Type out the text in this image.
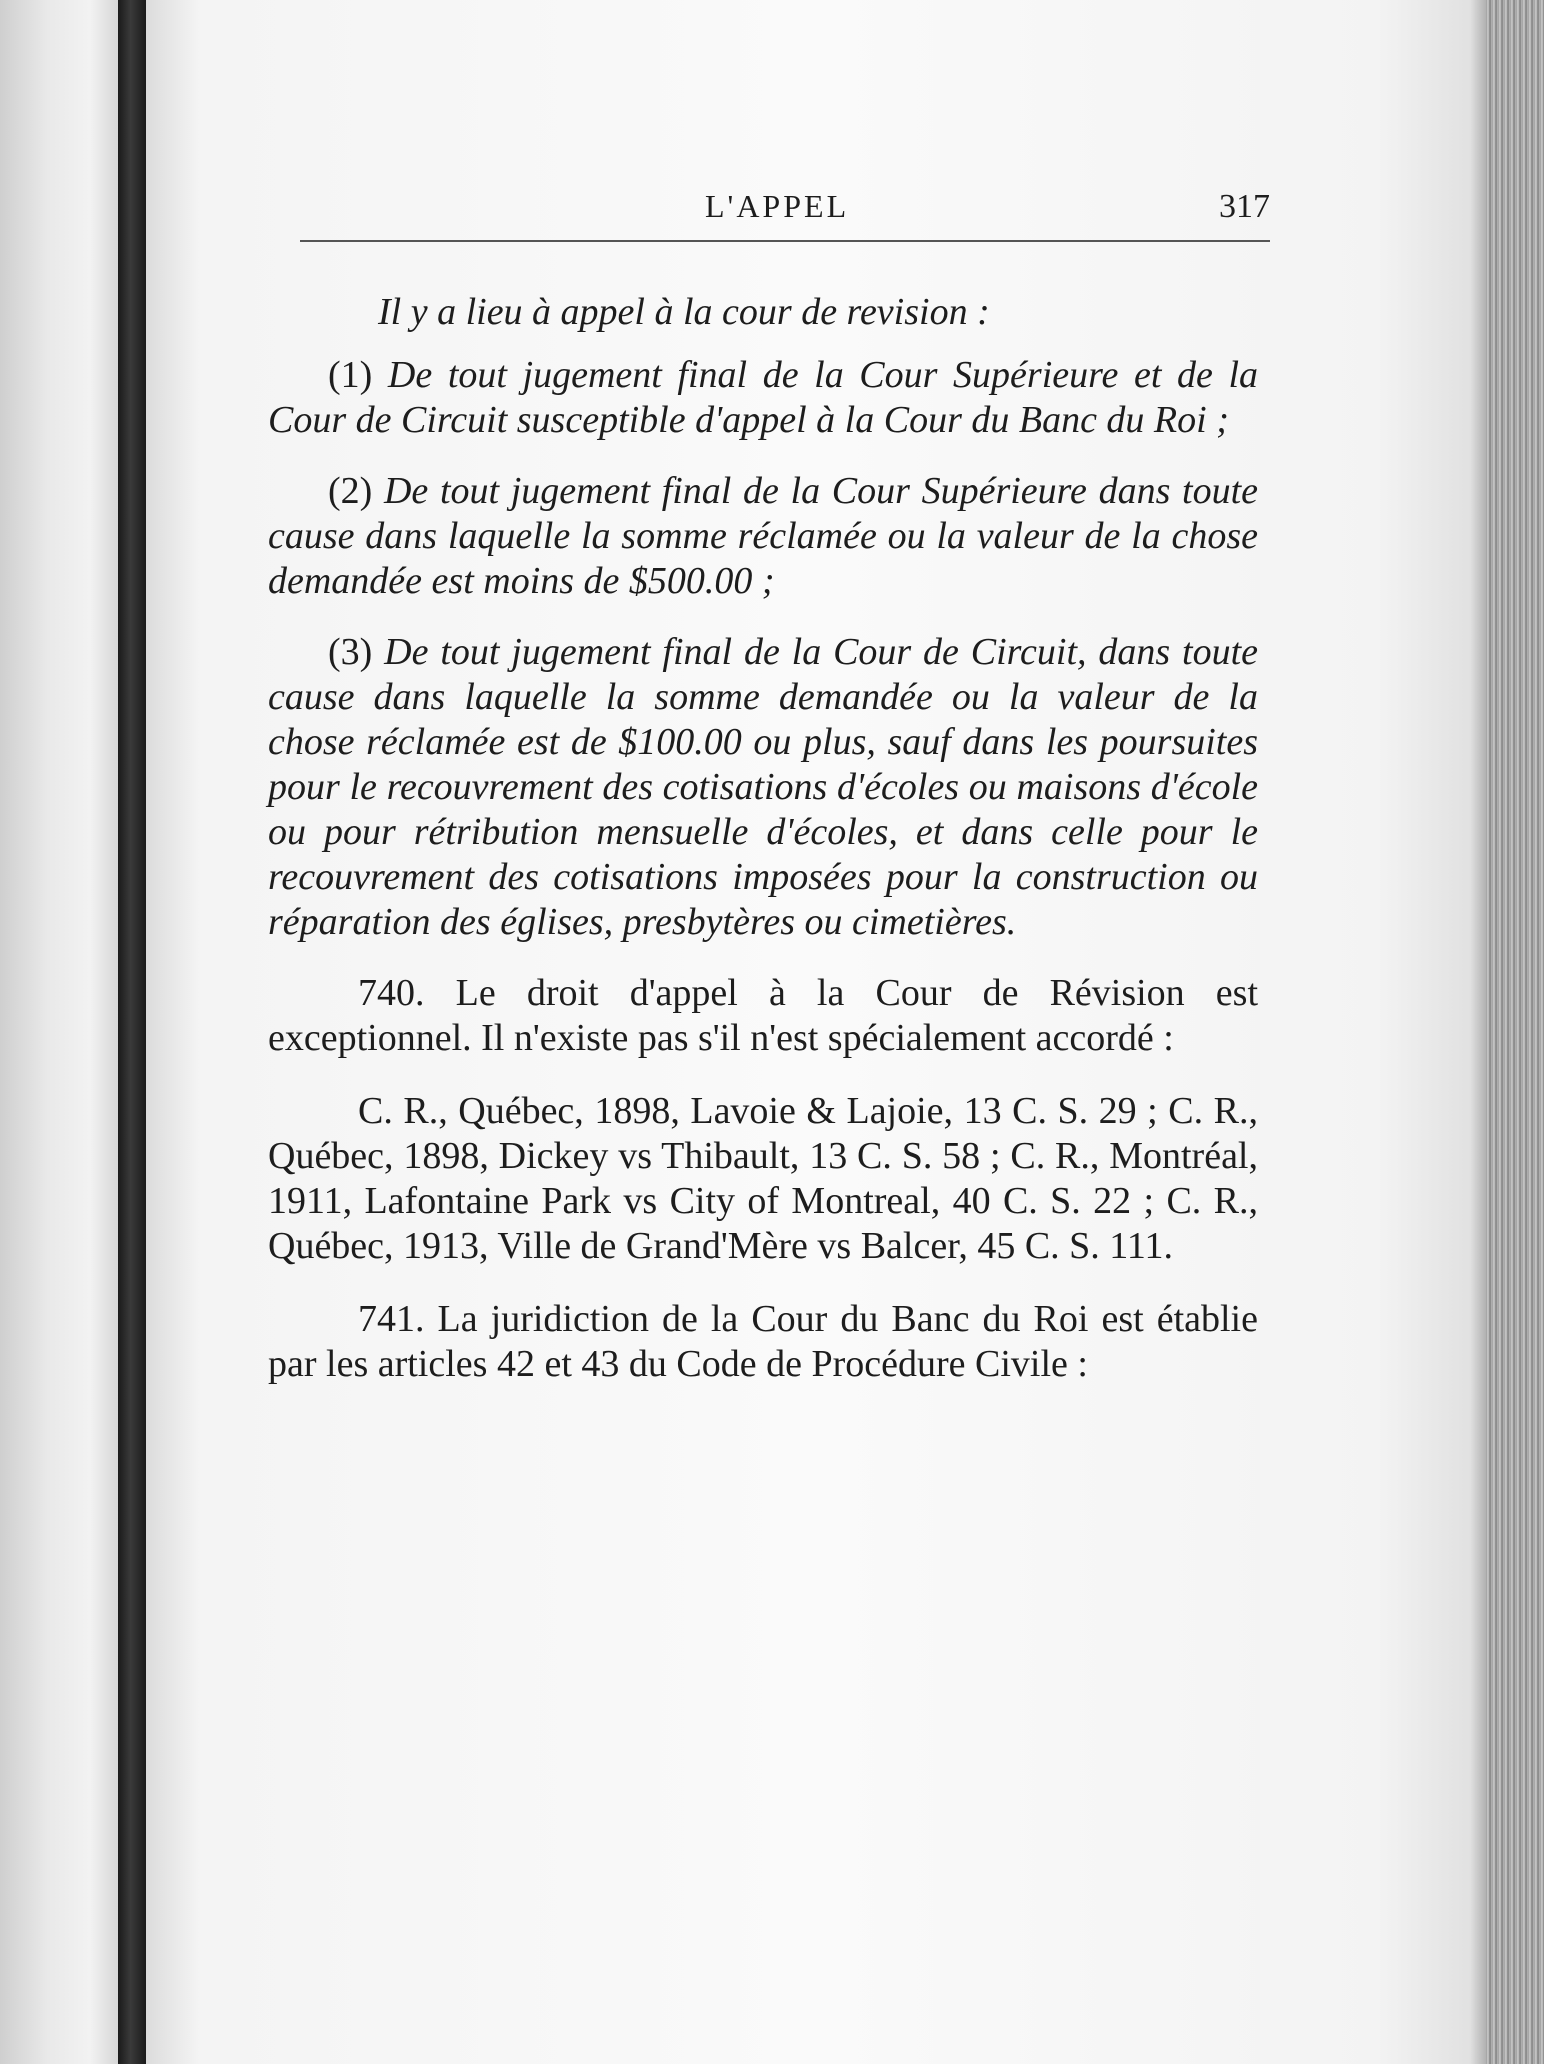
L'APPEL	317

Il y a lieu à appel à la cour de revision :

(1) De tout jugement final de la Cour Supérieure et de la Cour de Circuit susceptible d'appel à la Cour du Banc du Roi ;

(2) De tout jugement final de la Cour Supérieure dans toute cause dans laquelle la somme réclamée ou la valeur de la chose demandée est moins de $500.00 ;

(3) De tout jugement final de la Cour de Circuit, dans toute cause dans laquelle la somme demandée ou la valeur de la chose réclamée est de $100.00 ou plus, sauf dans les poursuites pour le recouvrement des cotisations d'écoles ou maisons d'école ou pour rétribution mensuelle d'écoles, et dans celle pour le recouvrement des cotisations imposées pour la construction ou réparation des églises, presbytères ou cimetières.

740. Le droit d'appel à la Cour de Révision est exceptionnel. Il n'existe pas s'il n'est spécialement accordé :

C. R., Québec, 1898, Lavoie & Lajoie, 13 C. S. 29 ; C. R., Québec, 1898, Dickey vs Thibault, 13 C. S. 58 ; C. R., Montréal, 1911, Lafontaine Park vs City of Montreal, 40 C. S. 22 ; C. R., Québec, 1913, Ville de Grand'Mère vs Balcer, 45 C. S. 111.

741. La juridiction de la Cour du Banc du Roi est établie par les articles 42 et 43 du Code de Procédure Civile :
